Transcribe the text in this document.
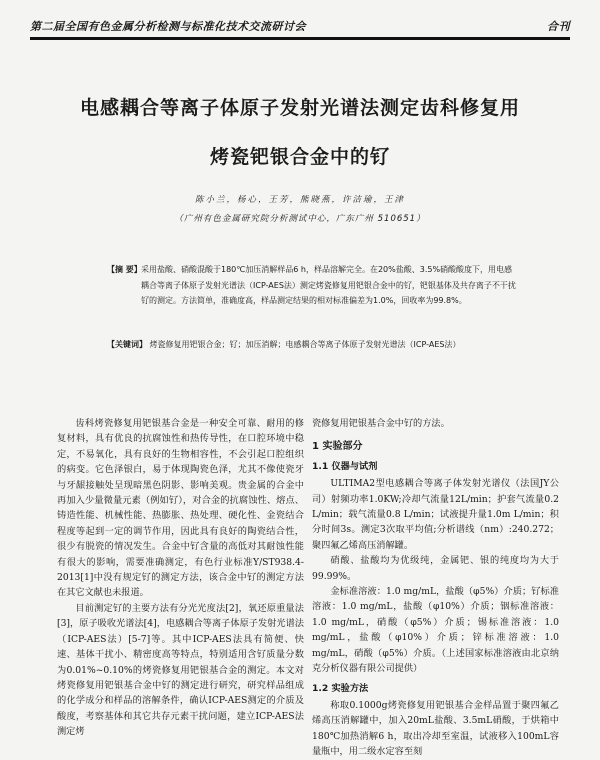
第二届全国有色金属分析检测与标准化技术交流研讨会	合刊
电感耦合等离子体原子发射光谱法测定齿科修复用
烤瓷钯银合金中的钌
陈小兰，杨心，王芳，熊晓燕，许洁瑜，王津
（广州有色金属研究院分析测试中心，广东广州 510651）
【摘 要】 采用盐酸、硝酸混酸于180℃加压消解样品6 h，样品溶解完全。在20%盐酸、3.5%硝酸酸度下，用电感耦合等离子体原子发射光谱法（ICP-AES法）测定烤瓷修复用钯银合金中的钌，钯银基体及共存离子不干扰钌的测定。方法简单，准确度高，样品测定结果的相对标准偏差为1.0%，回收率为99.8%。
【关键词】 烤瓷修复用钯银合金；钌；加压消解；电感耦合等离子体原子发射光谱法（ICP-AES法）

齿科烤瓷修复用钯银基合金是一种安全可靠、耐用的修复材料，具有优良的抗腐蚀性和热传导性，在口腔环境中稳定，不易氧化，具有良好的生物相容性，不会引起口腔组织的病变。它色泽银白，易于体现陶瓷色泽，尤其不像使瓷牙与牙龈接触处呈现暗黑色阴影、影响美观。贵金属的合金中再加入少量微量元素（例如钌），对合金的抗腐蚀性、熔点、铸造性能、机械性能、热膨胀、热处理、硬化性、金瓷结合程度等起到一定的调节作用，因此具有良好的陶瓷结合性，很少有脱瓷的情况发生。合金中钌含量的高低对其耐蚀性能有很大的影响，需要准确测定，有色行业标准Y/ST938.4-2013[1]中没有规定钌的测定方法，该合金中钌的测定方法在其它文献也未报道。

目前测定钌的主要方法有分光光度法[2]，氧还原重量法[3]，原子吸收光谱法[4]，电感耦合等离子体原子发射光谱法（ICP-AES法）[5-7]等。其中ICP-AES法具有简便、快速、基体干扰小、精密度高等特点，特别适用含钌质量分数为0.01%~0.10%的烤瓷修复用钯银基合金的测定。本文对烤瓷修复用钯银基合金中钌的测定进行研究，研究样品组成的化学成分和样品的溶解条件，确认ICP-AES测定的介质及酸度，考察基体和其它共存元素干扰问题，建立ICP-AES法测定烤

瓷修复用钯银基合金中钌的方法。

1 实验部分

1.1 仪器与试剂

ULTIMA2型电感耦合等离子体发射光谱仪（法国JY公司）射频功率1.0KW;冷却气流量12L/min；护套气流量0.2 L/min；载气流量0.8 L/min；试液提升量1.0m L/min；积分时间3s。测定3次取平均值;分析谱线（nm）:240.272；聚四氟乙烯高压消解罐。

硝酸、盐酸均为优级纯，金属钯、银的纯度均为大于99.99%。

金标准溶液：1.0 mg/mL，盐酸（φ5%）介质；钌标准溶液：1.0 mg/mL，盐酸（φ10%）介质；铟标准溶液：1.0 mg/mL，硝酸（φ5%）介质；锡标准溶液：1.0 mg/mL，盐酸（φ10%）介质；锌标准溶液：1.0 mg/mL，硝酸（φ5%）介质。（上述国家标准溶液由北京纳克分析仪器有限公司提供）

1.2 实验方法

称取0.1000g烤瓷修复用钯银基合金样品置于聚四氟乙烯高压消解罐中，加入20mL盐酸、3.5mL硝酸，于烘箱中180℃加热消解6 h，取出冷却至室温，试液移入100mL容量瓶中，用二级水定容至刻
